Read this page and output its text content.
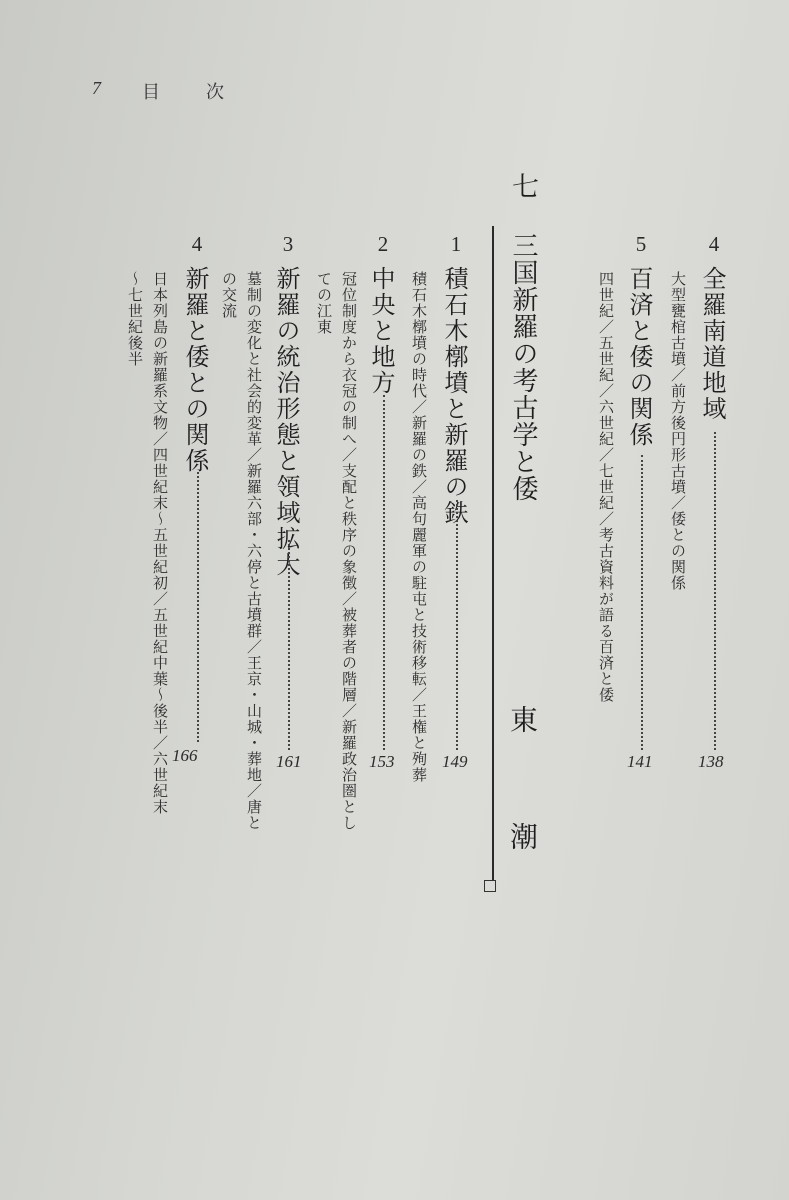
7 目	次
4
全羅南道地域
138
大型甕棺古墳／前方後円形古墳／倭との関係
5
百済と倭の関係
141
四世紀／五世紀／六世紀／七世紀／考古資料が語る百済と倭
七
三国新羅の考古学と倭
東
潮
1
積石木槨墳と新羅の鉄
149
積石木槨墳の時代／新羅の鉄／高句麗軍の駐屯と技術移転／王権と殉葬
2
中央と地方
153
冠位制度から衣冠の制へ／支配と秩序の象徴／被葬者の階層／新羅政治圏とし
ての江東
3
新羅の統治形態と領域拡大
161
墓制の変化と社会的変革／新羅六部・六停と古墳群／王京・山城・葬地／唐と
の交流
4
新羅と倭との関係
166
日本列島の新羅系文物／四世紀末～五世紀初／五世紀中葉～後半／六世紀末
～七世紀後半
